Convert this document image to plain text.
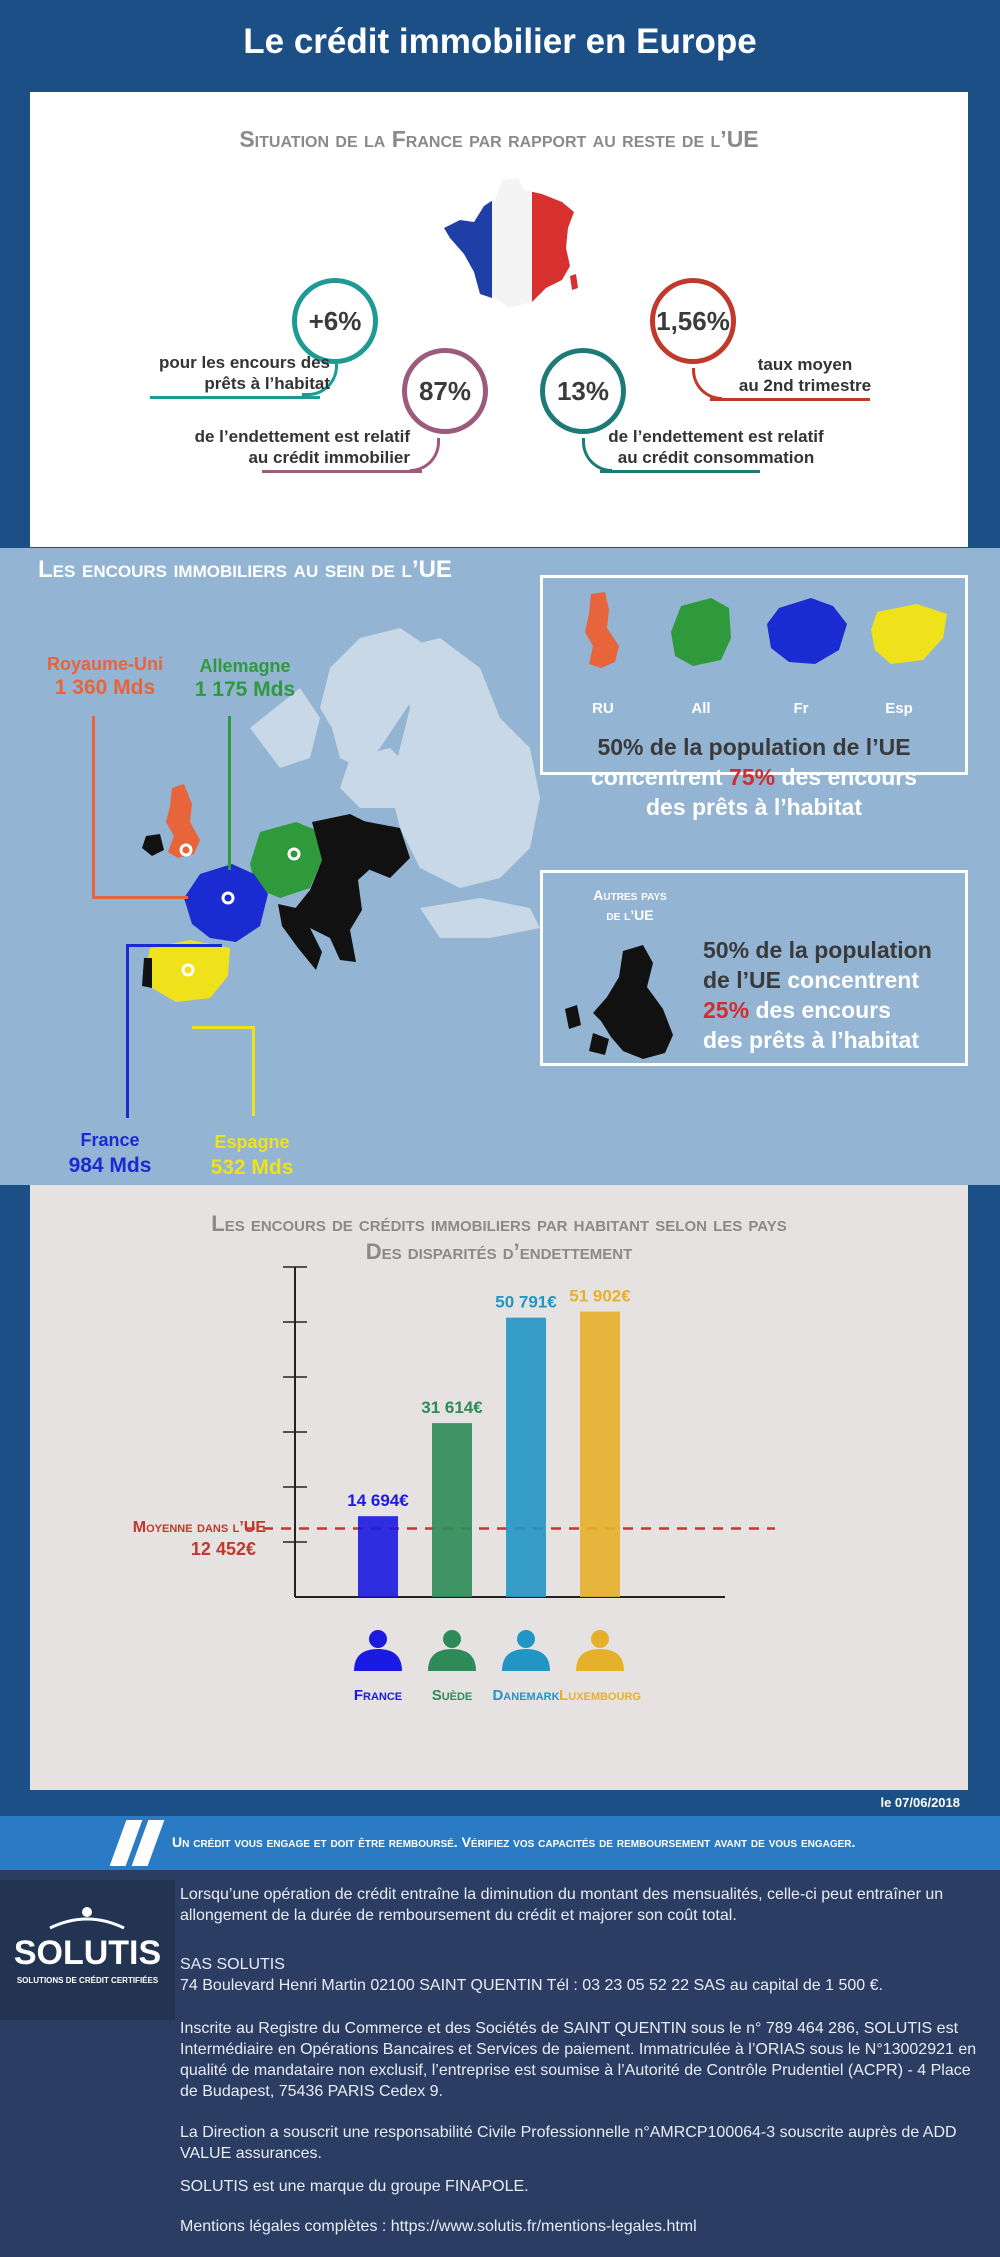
Le crédit immobilier en Europe
Situation de la France par rapport au reste de l’UE
+6%
pour les encours des
prêts à l’habitat	87%
de l’endettement est relatif
au crédit immobilier
13%
de l’endettement est relatif
au crédit consommation
1,56%
taux moyen
au 2nd trimestre
Les encours immobiliers au sein de l’UE
Royaume-Uni
1 360 Mds
Allemagne
1 175 Mds
France
984 Mds
Espagne
532 Mds
RU	All	Fr	Esp
50% de la population de l’UE
concentrent 75% des encours
des prêts à l’habitat
Autres pays
de l’UE
50% de la population
de l’UE concentrent
25% des encours
des prêts à l’habitat
Les encours de crédits immobiliers par habitant selon les pays
Des disparités d’endettement
Moyenne dans l’UE
12 452€
14 694€
France
31 614€
Suède
50 791€
Danemark
51 902€
Luxembourg
le 07/06/2018
Un crédit vous engage et doit être remboursé. Vérifiez vos capacités de remboursement avant de vous engager.
SOLUTIS
SOLUTIONS DE CRÉDIT CERTIFIÉES
Lorsqu’une opération de crédit entraîne la diminution du montant des mensualités, celle-ci peut entraîner un allongement de la durée de remboursement du crédit et majorer son coût total.
SAS SOLUTIS
74 Boulevard Henri Martin 02100 SAINT QUENTIN Tél : 03 23 05 52 22 SAS au capital de 1 500 €.
Inscrite au Registre du Commerce et des Sociétés de SAINT QUENTIN sous le n° 789 464 286, SOLUTIS est Intermédiaire en Opérations Bancaires et Services de paiement. Immatriculée à l’ORIAS sous le N°13002921 en qualité de mandataire non exclusif, l’entreprise est soumise à l’Autorité de Contrôle Prudentiel (ACPR) - 4 Place de Budapest, 75436 PARIS Cedex 9.
La Direction a souscrit une responsabilité Civile Professionnelle n°AMRCP100064-3 souscrite auprès de ADD VALUE assurances.
SOLUTIS est une marque du groupe FINAPOLE.
Mentions légales complètes : https://www.solutis.fr/mentions-legales.html
